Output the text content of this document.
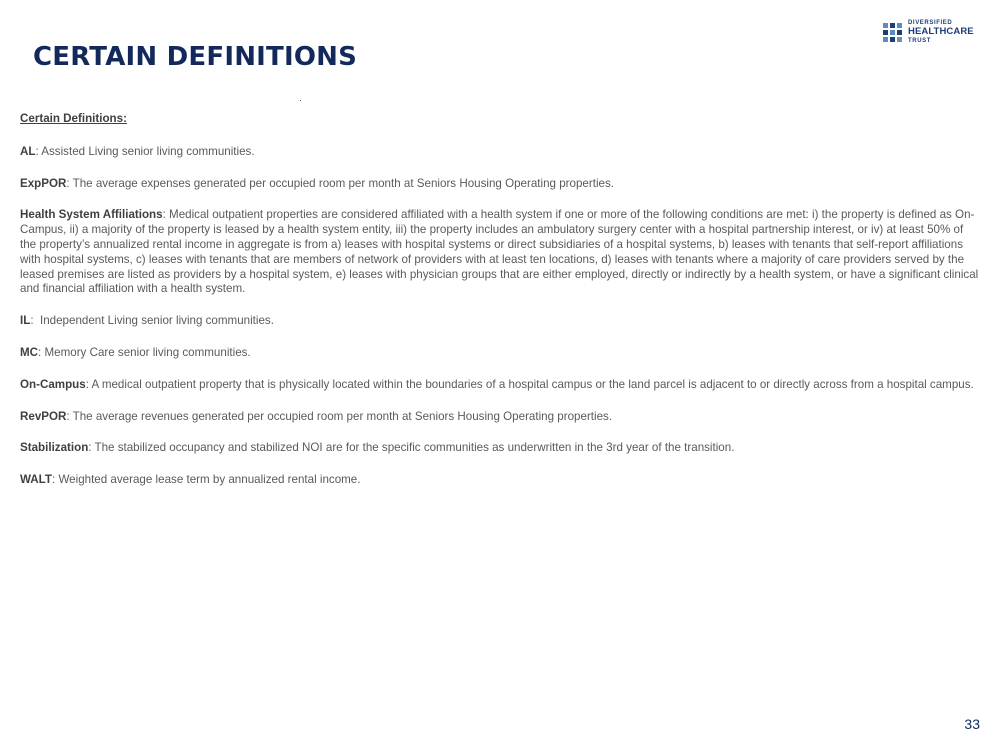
CERTAIN DEFINITIONS
DIVERSIFIED
HEALTHCARE
TRUST
Certain Definitions:

AL: Assisted Living senior living communities.

ExpPOR: The average expenses generated per occupied room per month at Seniors Housing Operating properties.

Health System Affiliations: Medical outpatient properties are considered affiliated with a health system if one or more of the following conditions are met: i) the property is defined as On-Campus, ii) a majority of the property is leased by a health system entity, iii) the property includes an ambulatory surgery center with a hospital partnership interest, or iv) at least 50% of the property’s annualized rental income in aggregate is from a) leases with hospital systems or direct subsidiaries of a hospital systems, b) leases with tenants that self-report affiliations with hospital systems, c) leases with tenants that are members of network of providers with at least ten locations, d) leases with tenants where a majority of care providers served by the leased premises are listed as providers by a hospital system, e) leases with physician groups that are either employed, directly or indirectly by a health system, or have a significant clinical and financial affiliation with a health system.

IL:  Independent Living senior living communities.

MC: Memory Care senior living communities.

On-Campus: A medical outpatient property that is physically located within the boundaries of a hospital campus or the land parcel is adjacent to or directly across from a hospital campus.

RevPOR: The average revenues generated per occupied room per month at Seniors Housing Operating properties.

Stabilization: The stabilized occupancy and stabilized NOI are for the specific communities as underwritten in the 3rd year of the transition.

WALT: Weighted average lease term by annualized rental income.

33
